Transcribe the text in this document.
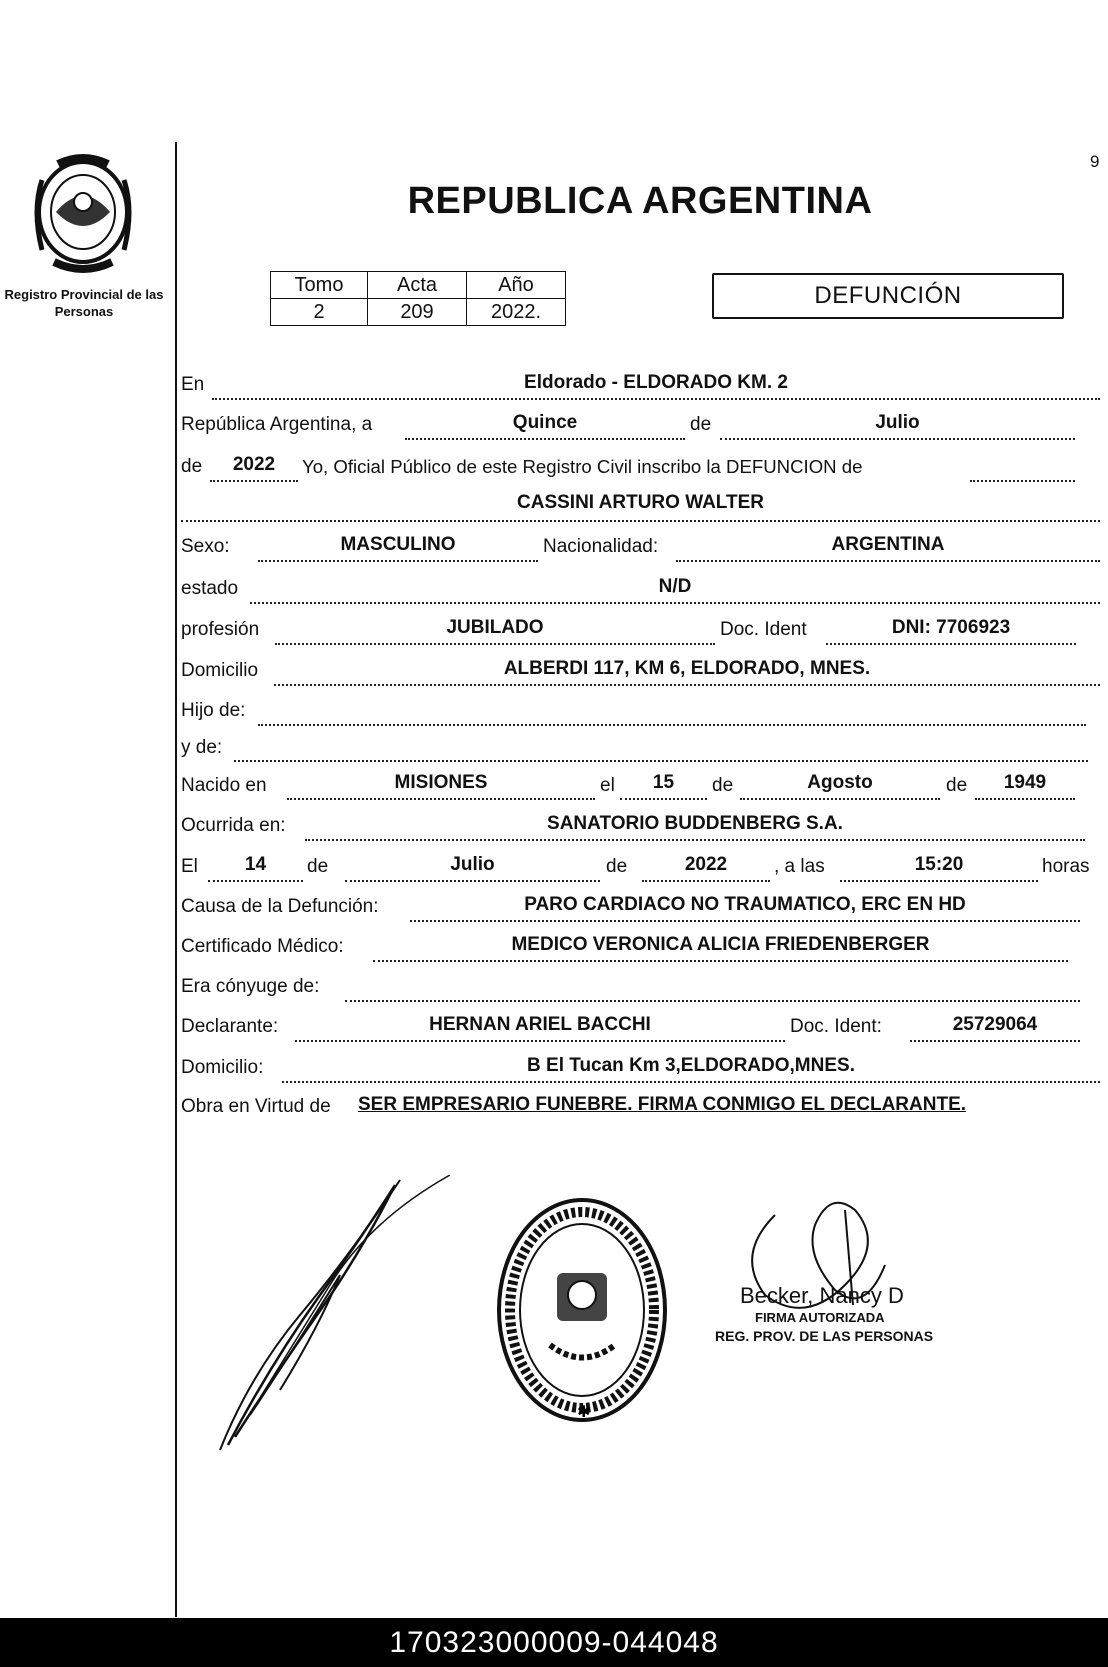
9
Registro Provincial de las Personas
REPUBLICA ARGENTINA
Tomo	Acta	Año
2	209	2022.
DEFUNCIÓN
En	Eldorado - ELDORADO KM. 2
República Argentina, a	Quince	de	Julio
de	2022	Yo, Oficial Público de este Registro Civil inscribo la DEFUNCION de
CASSINI ARTURO WALTER
Sexo:	MASCULINO	Nacionalidad:	ARGENTINA
estado	N/D
profesión	JUBILADO	Doc. Ident	DNI: 7706923
Domicilio	ALBERDI 117, KM 6, ELDORADO, MNES.
Hijo de:
y de:
Nacido en	MISIONES	el	15	de	Agosto	de	1949
Ocurrida en:	SANATORIO BUDDENBERG S.A.
El	14	de	Julio	de	2022	, a las	15:20	horas
Causa de la Defunción:	PARO CARDIACO NO TRAUMATICO, ERC EN HD
Certificado Médico:	MEDICO VERONICA ALICIA FRIEDENBERGER
Era cónyuge de:
Declarante:	HERNAN ARIEL BACCHI	Doc. Ident:	25729064
Domicilio:	B El Tucan Km 3,ELDORADO,MNES.
Obra en Virtud de SER EMPRESARIO FUNEBRE. FIRMA CONMIGO EL DECLARANTE.
✱
Becker, Nancy D
FIRMA AUTORIZADA
REG. PROV. DE LAS PERSONAS
170323000009-044048
